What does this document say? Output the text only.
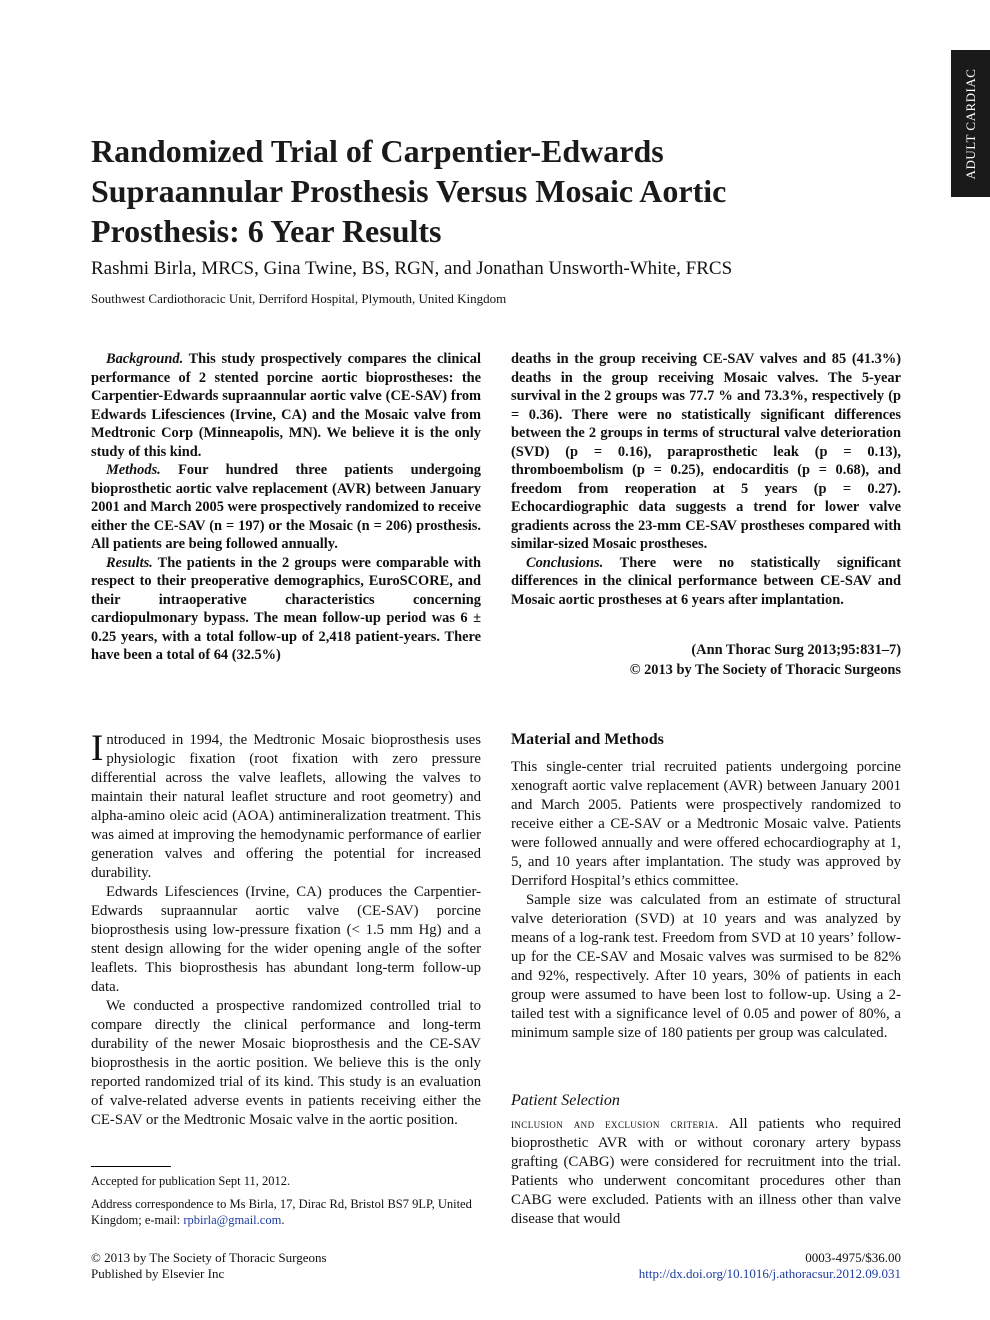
ADULT CARDIAC
Randomized Trial of Carpentier-Edwards Supraannular Prosthesis Versus Mosaic Aortic Prosthesis: 6 Year Results

Rashmi Birla, MRCS, Gina Twine, BS, RGN, and Jonathan Unsworth-White, FRCS

Southwest Cardiothoracic Unit, Derriford Hospital, Plymouth, United Kingdom

Background. This study prospectively compares the clinical performance of 2 stented porcine aortic bioprostheses: the Carpentier-Edwards supraannular aortic valve (CE-SAV) from Edwards Lifesciences (Irvine, CA) and the Mosaic valve from Medtronic Corp (Minneapolis, MN). We believe it is the only study of this kind.

Methods. Four hundred three patients undergoing bioprosthetic aortic valve replacement (AVR) between January 2001 and March 2005 were prospectively randomized to receive either the CE-SAV (n = 197) or the Mosaic (n = 206) prosthesis. All patients are being followed annually.

Results. The patients in the 2 groups were comparable with respect to their preoperative demographics, EuroSCORE, and their intraoperative characteristics concerning cardiopulmonary bypass. The mean follow-up period was 6 ± 0.25 years, with a total follow-up of 2,418 patient-years. There have been a total of 64 (32.5%)

deaths in the group receiving CE-SAV valves and 85 (41.3%) deaths in the group receiving Mosaic valves. The 5-year survival in the 2 groups was 77.7 % and 73.3%, respectively (p = 0.36). There were no statistically significant differences between the 2 groups in terms of structural valve deterioration (SVD) (p = 0.16), paraprosthetic leak (p = 0.13), thromboembolism (p = 0.25), endocarditis (p = 0.68), and freedom from reoperation at 5 years (p = 0.27). Echocardiographic data suggests a trend for lower valve gradients across the 23-mm CE-SAV prostheses compared with similar-sized Mosaic prostheses.

Conclusions. There were no statistically significant differences in the clinical performance between CE-SAV and Mosaic aortic prostheses at 6 years after implantation.

(Ann Thorac Surg 2013;95:831–7)
© 2013 by The Society of Thoracic Surgeons

Introduced in 1994, the Medtronic Mosaic bioprosthesis uses physiologic fixation (root fixation with zero pressure differential across the valve leaflets, allowing the valves to maintain their natural leaflet structure and root geometry) and alpha-amino oleic acid (AOA) antimineralization treatment. This was aimed at improving the hemodynamic performance of earlier generation valves and offering the potential for increased durability.

Edwards Lifesciences (Irvine, CA) produces the Carpentier-Edwards supraannular aortic valve (CE-SAV) porcine bioprosthesis using low-pressure fixation (< 1.5 mm Hg) and a stent design allowing for the wider opening angle of the softer leaflets. This bioprosthesis has abundant long-term follow-up data.

We conducted a prospective randomized controlled trial to compare directly the clinical performance and long-term durability of the newer Mosaic bioprosthesis and the CE-SAV bioprosthesis in the aortic position. We believe this is the only reported randomized trial of its kind. This study is an evaluation of valve-related adverse events in patients receiving either the CE-SAV or the Medtronic Mosaic valve in the aortic position.

Material and Methods

This single-center trial recruited patients undergoing porcine xenograft aortic valve replacement (AVR) between January 2001 and March 2005. Patients were prospectively randomized to receive either a CE-SAV or a Medtronic Mosaic valve. Patients were followed annually and were offered echocardiography at 1, 5, and 10 years after implantation. The study was approved by Derriford Hospital’s ethics committee.

Sample size was calculated from an estimate of structural valve deterioration (SVD) at 10 years and was analyzed by means of a log-rank test. Freedom from SVD at 10 years’ follow-up for the CE-SAV and Mosaic valves was surmised to be 82% and 92%, respectively. After 10 years, 30% of patients in each group were assumed to have been lost to follow-up. Using a 2-tailed test with a significance level of 0.05 and power of 80%, a minimum sample size of 180 patients per group was calculated.

Patient Selection

inclusion and exclusion criteria. All patients who required bioprosthetic AVR with or without coronary artery bypass grafting (CABG) were considered for recruitment into the trial. Patients who underwent concomitant procedures other than CABG were excluded. Patients with an illness other than valve disease that would

Accepted for publication Sept 11, 2012.
Address correspondence to Ms Birla, 17, Dirac Rd, Bristol BS7 9LP, United Kingdom; e-mail: rpbirla@gmail.com.
© 2013 by The Society of Thoracic Surgeons
Published by Elsevier Inc
0003-4975/$36.00
http://dx.doi.org/10.1016/j.athoracsur.2012.09.031
